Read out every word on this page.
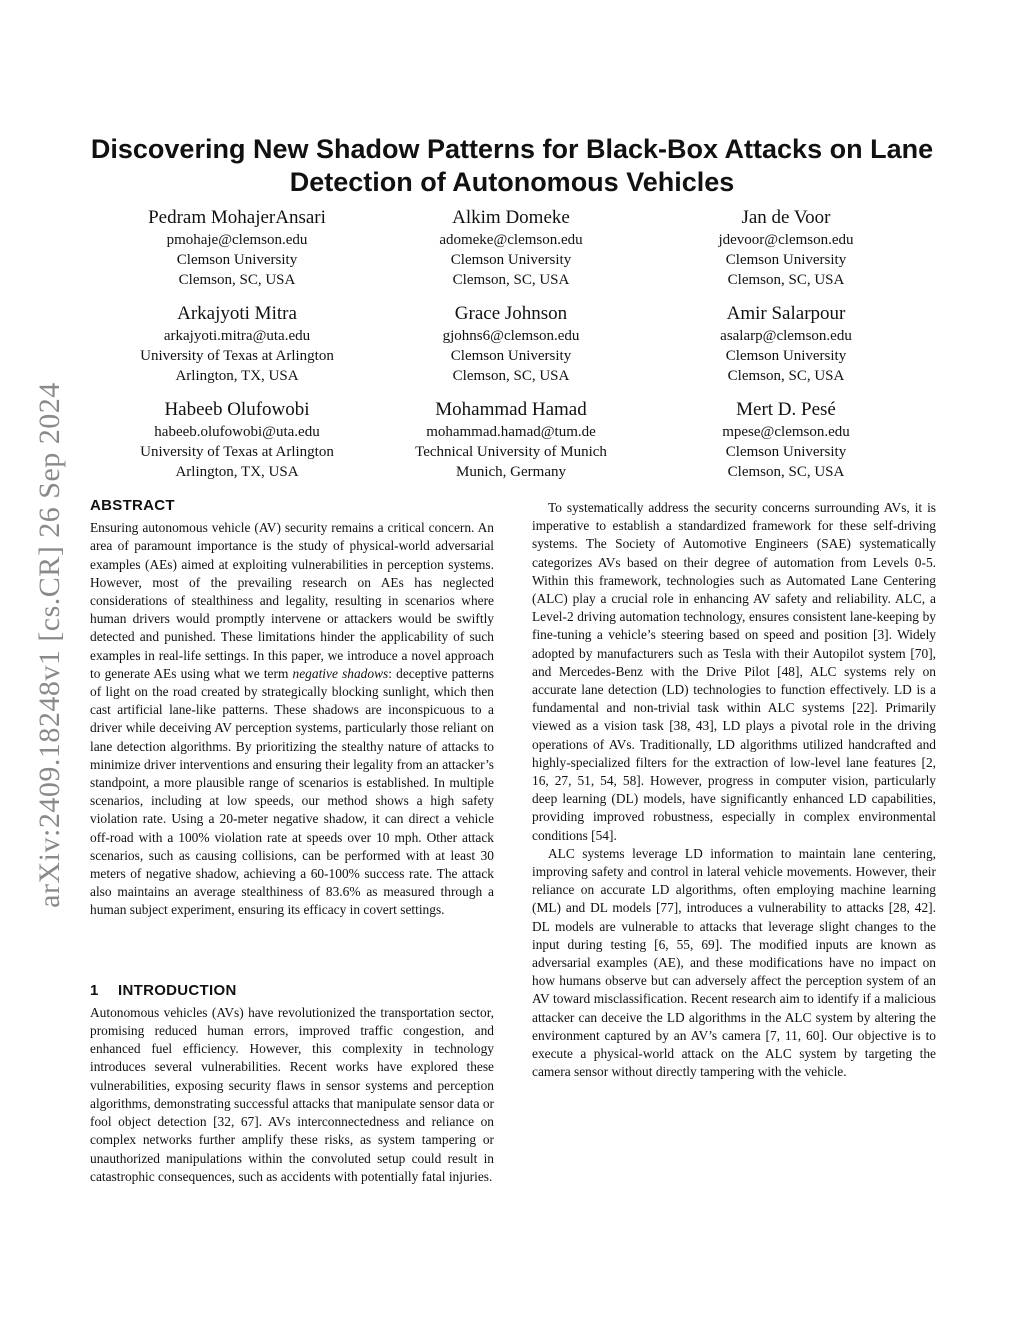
arXiv:2409.18248v1 [cs.CR] 26 Sep 2024
Discovering New Shadow Patterns for Black-Box Attacks on Lane
Detection of Autonomous Vehicles
Pedram MohajerAnsari
pmohaje@clemson.edu
Clemson University
Clemson, SC, USA
Alkim Domeke
adomeke@clemson.edu
Clemson University
Clemson, SC, USA
Jan de Voor
jdevoor@clemson.edu
Clemson University
Clemson, SC, USA
Arkajyoti Mitra
arkajyoti.mitra@uta.edu
University of Texas at Arlington
Arlington, TX, USA
Grace Johnson
gjohns6@clemson.edu
Clemson University
Clemson, SC, USA
Amir Salarpour
asalarp@clemson.edu
Clemson University
Clemson, SC, USA
Habeeb Olufowobi
habeeb.olufowobi@uta.edu
University of Texas at Arlington
Arlington, TX, USA
Mohammad Hamad
mohammad.hamad@tum.de
Technical University of Munich
Munich, Germany
Mert D. Pesé
mpese@clemson.edu
Clemson University
Clemson, SC, USA
ABSTRACT

Ensuring autonomous vehicle (AV) security remains a critical concern. An area of paramount importance is the study of physical-world adversarial examples (AEs) aimed at exploiting vulnerabilities in perception systems. However, most of the prevailing research on AEs has neglected considerations of stealthiness and legality, resulting in scenarios where human drivers would promptly intervene or attackers would be swiftly detected and punished. These limitations hinder the applicability of such examples in real-life settings. In this paper, we introduce a novel approach to generate AEs using what we term negative shadows: deceptive patterns of light on the road created by strategically blocking sunlight, which then cast artificial lane-like patterns. These shadows are inconspicuous to a driver while deceiving AV perception systems, particularly those reliant on lane detection algorithms. By prioritizing the stealthy nature of attacks to minimize driver interventions and ensuring their legality from an attacker’s standpoint, a more plausible range of scenarios is established. In multiple scenarios, including at low speeds, our method shows a high safety violation rate. Using a 20-meter negative shadow, it can direct a vehicle off-road with a 100% violation rate at speeds over 10 mph. Other attack scenarios, such as causing collisions, can be performed with at least 30 meters of negative shadow, achieving a 60-100% success rate. The attack also maintains an average stealthiness of 83.6% as measured through a human subject experiment, ensuring its efficacy in covert settings.

1 INTRODUCTION

Autonomous vehicles (AVs) have revolutionized the transportation sector, promising reduced human errors, improved traffic congestion, and enhanced fuel efficiency. However, this complexity in technology introduces several vulnerabilities. Recent works have explored these vulnerabilities, exposing security flaws in sensor systems and perception algorithms, demonstrating successful attacks that manipulate sensor data or fool object detection [32, 67]. AVs interconnectedness and reliance on complex networks further amplify these risks, as system tampering or unauthorized manipulations within the convoluted setup could result in catastrophic consequences, such as accidents with potentially fatal injuries.

To systematically address the security concerns surrounding AVs, it is imperative to establish a standardized framework for these self-driving systems. The Society of Automotive Engineers (SAE) systematically categorizes AVs based on their degree of automation from Levels 0-5. Within this framework, technologies such as Automated Lane Centering (ALC) play a crucial role in enhancing AV safety and reliability. ALC, a Level-2 driving automation technology, ensures consistent lane-keeping by fine-tuning a vehicle’s steering based on speed and position [3]. Widely adopted by manufacturers such as Tesla with their Autopilot system [70], and Mercedes-Benz with the Drive Pilot [48], ALC systems rely on accurate lane detection (LD) technologies to function effectively. LD is a fundamental and non-trivial task within ALC systems [22]. Primarily viewed as a vision task [38, 43], LD plays a pivotal role in the driving operations of AVs. Traditionally, LD algorithms utilized handcrafted and highly-specialized filters for the extraction of low-level lane features [2, 16, 27, 51, 54, 58]. However, progress in computer vision, particularly deep learning (DL) models, have significantly enhanced LD capabilities, providing improved robustness, especially in complex environmental conditions [54].

ALC systems leverage LD information to maintain lane centering, improving safety and control in lateral vehicle movements. However, their reliance on accurate LD algorithms, often employing machine learning (ML) and DL models [77], introduces a vulnerability to attacks [28, 42]. DL models are vulnerable to attacks that leverage slight changes to the input during testing [6, 55, 69]. The modified inputs are known as adversarial examples (AE), and these modifications have no impact on how humans observe but can adversely affect the perception system of an AV toward misclassification. Recent research aim to identify if a malicious attacker can deceive the LD algorithms in the ALC system by altering the environment captured by an AV’s camera [7, 11, 60]. Our objective is to execute a physical-world attack on the ALC system by targeting the camera sensor without directly tampering with the vehicle.
